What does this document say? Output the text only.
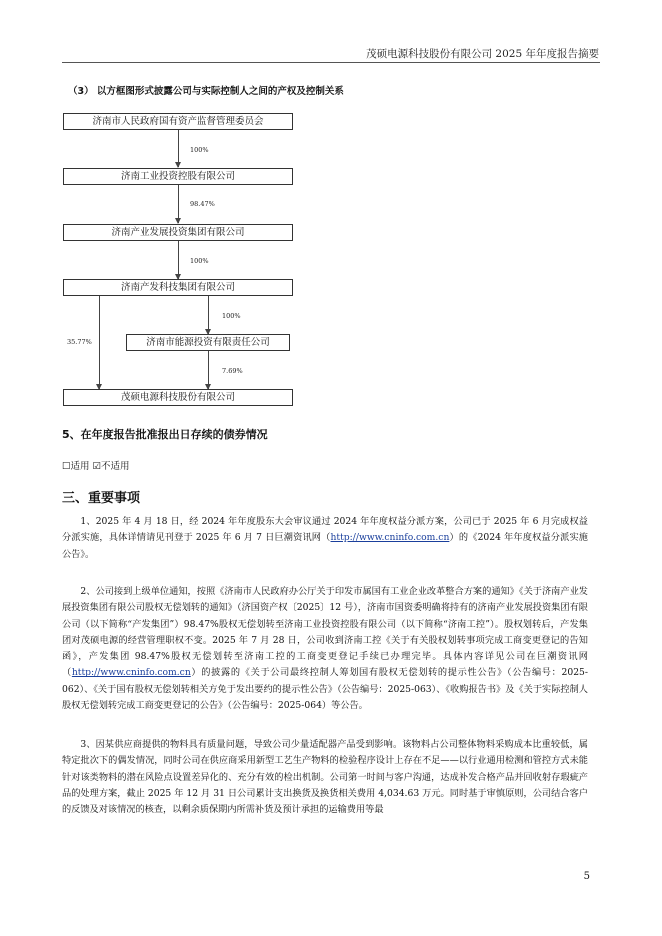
茂硕电源科技股份有限公司 2025 年年度报告摘要
（3） 以方框图形式披露公司与实际控制人之间的产权及控制关系
济南市人民政府国有资产监督管理委员会
100%
济南工业投资控股有限公司
98.47%
济南产业发展投资集团有限公司
100%
济南产发科技集团有限公司
100%
35.77%	济南市能源投资有限责任公司
7.69%
茂硕电源科技股份有限公司
5、在年度报告批准报出日存续的债券情况
☐适用 ☑不适用
三、重要事项

1、2025 年 4 月 18 日，经 2024 年年度股东大会审议通过 2024 年年度权益分派方案，公司已于 2025 年 6 月完成权益分派实施，具体详情请见刊登于 2025 年 6 月 7 日巨潮资讯网（http://www.cninfo.com.cn）的《2024 年年度权益分派实施公告》。

2、公司接到上级单位通知，按照《济南市人民政府办公厅关于印发市属国有工业企业改革整合方案的通知》《关于济南产业发展投资集团有限公司股权无偿划转的通知》（济国资产权〔2025〕12 号），济南市国资委明确将持有的济南产业发展投资集团有限公司（以下简称“产发集团”）98.47%股权无偿划转至济南工业投资控股有限公司（以下简称“济南工控”）。股权划转后，产发集团对茂硕电源的经营管理职权不变。2025 年 7 月 28 日，公司收到济南工控《关于有关股权划转事项完成工商变更登记的告知函》，产发集团 98.47%股权无偿划转至济南工控的工商变更登记手续已办理完毕。具体内容详见公司在巨潮资讯网（http://www.cninfo.com.cn）的披露的《关于公司最终控制人筹划国有股权无偿划转的提示性公告》（公告编号：2025-062）、《关于国有股权无偿划转相关方免于发出要约的提示性公告》（公告编号：2025-063）、《收购报告书》及《关于实际控制人股权无偿划转完成工商变更登记的公告》（公告编号：2025-064）等公告。

3、因某供应商提供的物料具有质量问题，导致公司少量适配器产品受到影响。该物料占公司整体物料采购成本比重较低，属特定批次下的偶发情况，同时公司在供应商采用新型工艺生产物料的检验程序设计上存在不足——以行业通用检测和管控方式未能针对该类物料的潜在风险点设置差异化的、充分有效的检出机制。公司第一时间与客户沟通，达成补发合格产品并回收射存瑕疵产品的处理方案，截止 2025 年 12 月 31 日公司累计支出换货及换货相关费用 4,034.63 万元。同时基于审慎原则，公司结合客户的反馈及对该情况的核查，以剩余质保期内所需补货及预计承担的运输费用等最

5
